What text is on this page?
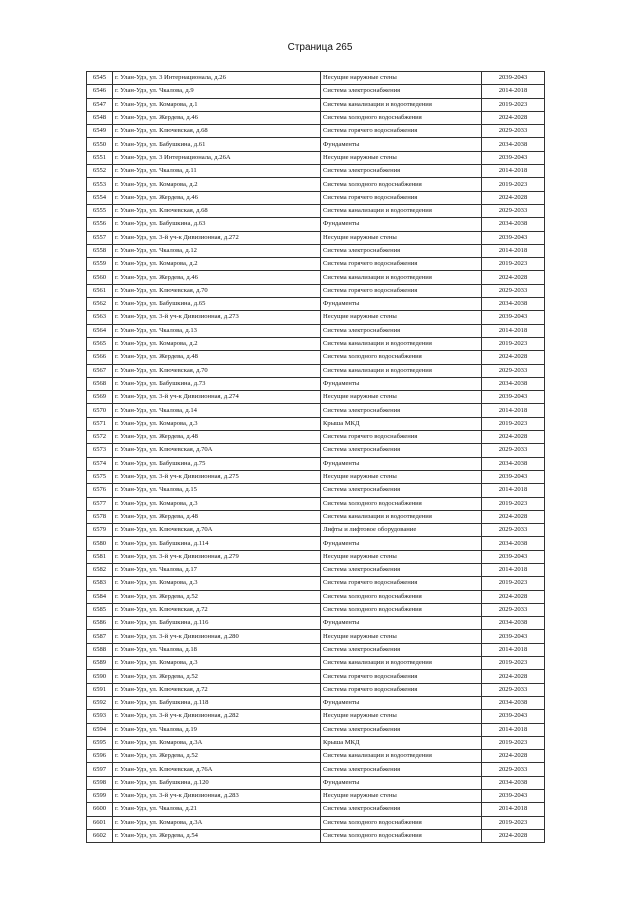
Страница 265
6545	г. Улан-Удэ, ул. 3 Интернационала, д.26	Несущие наружные стены	2039-2043
6546	г. Улан-Удэ, ул. Чкалова, д.9	Система электроснабжения	2014-2018
6547	г. Улан-Удэ, ул. Комарова, д.1	Система канализации и водоотведения	2019-2023
6548	г. Улан-Удэ, ул. Жердева, д.46	Система холодного водоснабжения	2024-2028
6549	г. Улан-Удэ, ул. Ключевская, д.68	Система горячего водоснабжения	2029-2033
6550	г. Улан-Удэ, ул. Бабушкина, д.61	Фундаменты	2034-2038
6551	г. Улан-Удэ, ул. 3 Интернационала, д.26А	Несущие наружные стены	2039-2043
6552	г. Улан-Удэ, ул. Чкалова, д.11	Система электроснабжения	2014-2018
6553	г. Улан-Удэ, ул. Комарова, д.2	Система холодного водоснабжения	2019-2023
6554	г. Улан-Удэ, ул. Жердева, д.46	Система горячего водоснабжения	2024-2028
6555	г. Улан-Удэ, ул. Ключевская, д.68	Система канализации и водоотведения	2029-2033
6556	г. Улан-Удэ, ул. Бабушкина, д.63	Фундаменты	2034-2038
6557	г. Улан-Удэ, ул. 3-й уч-к Дивизионная, д.272	Несущие наружные стены	2039-2043
6558	г. Улан-Удэ, ул. Чкалова, д.12	Система электроснабжения	2014-2018
6559	г. Улан-Удэ, ул. Комарова, д.2	Система горячего водоснабжения	2019-2023
6560	г. Улан-Удэ, ул. Жердева, д.46	Система канализации и водоотведения	2024-2028
6561	г. Улан-Удэ, ул. Ключевская, д.70	Система горячего водоснабжения	2029-2033
6562	г. Улан-Удэ, ул. Бабушкина, д.65	Фундаменты	2034-2038
6563	г. Улан-Удэ, ул. 3-й уч-к Дивизионная, д.273	Несущие наружные стены	2039-2043
6564	г. Улан-Удэ, ул. Чкалова, д.13	Система электроснабжения	2014-2018
6565	г. Улан-Удэ, ул. Комарова, д.2	Система канализации и водоотведения	2019-2023
6566	г. Улан-Удэ, ул. Жердева, д.48	Система холодного водоснабжения	2024-2028
6567	г. Улан-Удэ, ул. Ключевская, д.70	Система канализации и водоотведения	2029-2033
6568	г. Улан-Удэ, ул. Бабушкина, д.73	Фундаменты	2034-2038
6569	г. Улан-Удэ, ул. 3-й уч-к Дивизионная, д.274	Несущие наружные стены	2039-2043
6570	г. Улан-Удэ, ул. Чкалова, д.14	Система электроснабжения	2014-2018
6571	г. Улан-Удэ, ул. Комарова, д.3	Крыша МКД	2019-2023
6572	г. Улан-Удэ, ул. Жердева, д.48	Система горячего водоснабжения	2024-2028
6573	г. Улан-Удэ, ул. Ключевская, д.70А	Система электроснабжения	2029-2033
6574	г. Улан-Удэ, ул. Бабушкина, д.75	Фундаменты	2034-2038
6575	г. Улан-Удэ, ул. 3-й уч-к Дивизионная, д.275	Несущие наружные стены	2039-2043
6576	г. Улан-Удэ, ул. Чкалова, д.15	Система электроснабжения	2014-2018
6577	г. Улан-Удэ, ул. Комарова, д.3	Система холодного водоснабжения	2019-2023
6578	г. Улан-Удэ, ул. Жердева, д.48	Система канализации и водоотведения	2024-2028
6579	г. Улан-Удэ, ул. Ключевская, д.70А	Лифты и лифтовое оборудование	2029-2033
6580	г. Улан-Удэ, ул. Бабушкина, д.114	Фундаменты	2034-2038
6581	г. Улан-Удэ, ул. 3-й уч-к Дивизионная, д.279	Несущие наружные стены	2039-2043
6582	г. Улан-Удэ, ул. Чкалова, д.17	Система электроснабжения	2014-2018
6583	г. Улан-Удэ, ул. Комарова, д.3	Система горячего водоснабжения	2019-2023
6584	г. Улан-Удэ, ул. Жердева, д.52	Система холодного водоснабжения	2024-2028
6585	г. Улан-Удэ, ул. Ключевская, д.72	Система холодного водоснабжения	2029-2033
6586	г. Улан-Удэ, ул. Бабушкина, д.116	Фундаменты	2034-2038
6587	г. Улан-Удэ, ул. 3-й уч-к Дивизионная, д.280	Несущие наружные стены	2039-2043
6588	г. Улан-Удэ, ул. Чкалова, д.18	Система электроснабжения	2014-2018
6589	г. Улан-Удэ, ул. Комарова, д.3	Система канализации и водоотведения	2019-2023
6590	г. Улан-Удэ, ул. Жердева, д.52	Система горячего водоснабжения	2024-2028
6591	г. Улан-Удэ, ул. Ключевская, д.72	Система горячего водоснабжения	2029-2033
6592	г. Улан-Удэ, ул. Бабушкина, д.118	Фундаменты	2034-2038
6593	г. Улан-Удэ, ул. 3-й уч-к Дивизионная, д.282	Несущие наружные стены	2039-2043
6594	г. Улан-Удэ, ул. Чкалова, д.19	Система электроснабжения	2014-2018
6595	г. Улан-Удэ, ул. Комарова, д.3А	Крыша МКД	2019-2023
6596	г. Улан-Удэ, ул. Жердева, д.52	Система канализации и водоотведения	2024-2028
6597	г. Улан-Удэ, ул. Ключевская, д.76А	Система электроснабжения	2029-2033
6598	г. Улан-Удэ, ул. Бабушкина, д.120	Фундаменты	2034-2038
6599	г. Улан-Удэ, ул. 3-й уч-к Дивизионная, д.283	Несущие наружные стены	2039-2043
6600	г. Улан-Удэ, ул. Чкалова, д.21	Система электроснабжения	2014-2018
6601	г. Улан-Удэ, ул. Комарова, д.3А	Система холодного водоснабжения	2019-2023
6602	г. Улан-Удэ, ул. Жердева, д.54	Система холодного водоснабжения	2024-2028
